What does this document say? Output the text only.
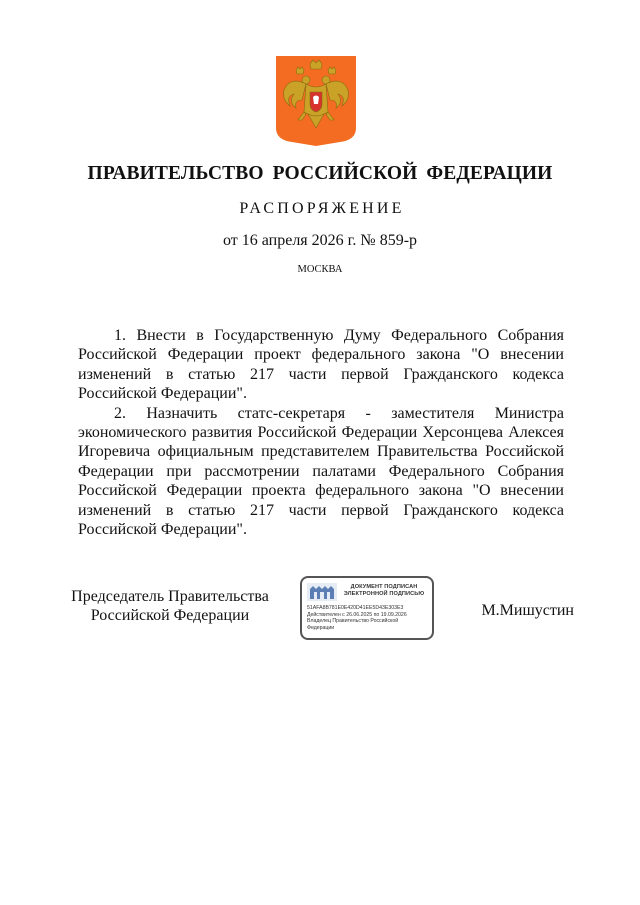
ПРАВИТЕЛЬСТВО РОССИЙСКОЙ ФЕДЕРАЦИИ
РАСПОРЯЖЕНИЕ
от 16 апреля 2026 г. № 859-р
МОСКВА

1. Внести в Государственную Думу Федерального Собрания Российской Федерации проект федерального закона "О внесении изменений в статью 217 части первой Гражданского кодекса Российской Федерации".

2. Назначить статс-секретаря - заместителя Министра экономического развития Российской Федерации Херсонцева Алексея Игоревича официальным представителем Правительства Российской Федерации при рассмотрении палатами Федерального Собрания Российской Федерации проекта федерального закона "О внесении изменений в статью 217 части первой Гражданского кодекса Российской Федерации".

Председатель Правительства
Российской Федерации
ДОКУМЕНТ ПОДПИСАН
ЭЛЕКТРОННОЙ ПОДПИСЬЮ
51AFA8B781E0E420D41EE5D43E303E3
Действителен с 26.06.2025 по 19.09.2026
Владелец Правительство Российской
Федерации
М.Мишустин
